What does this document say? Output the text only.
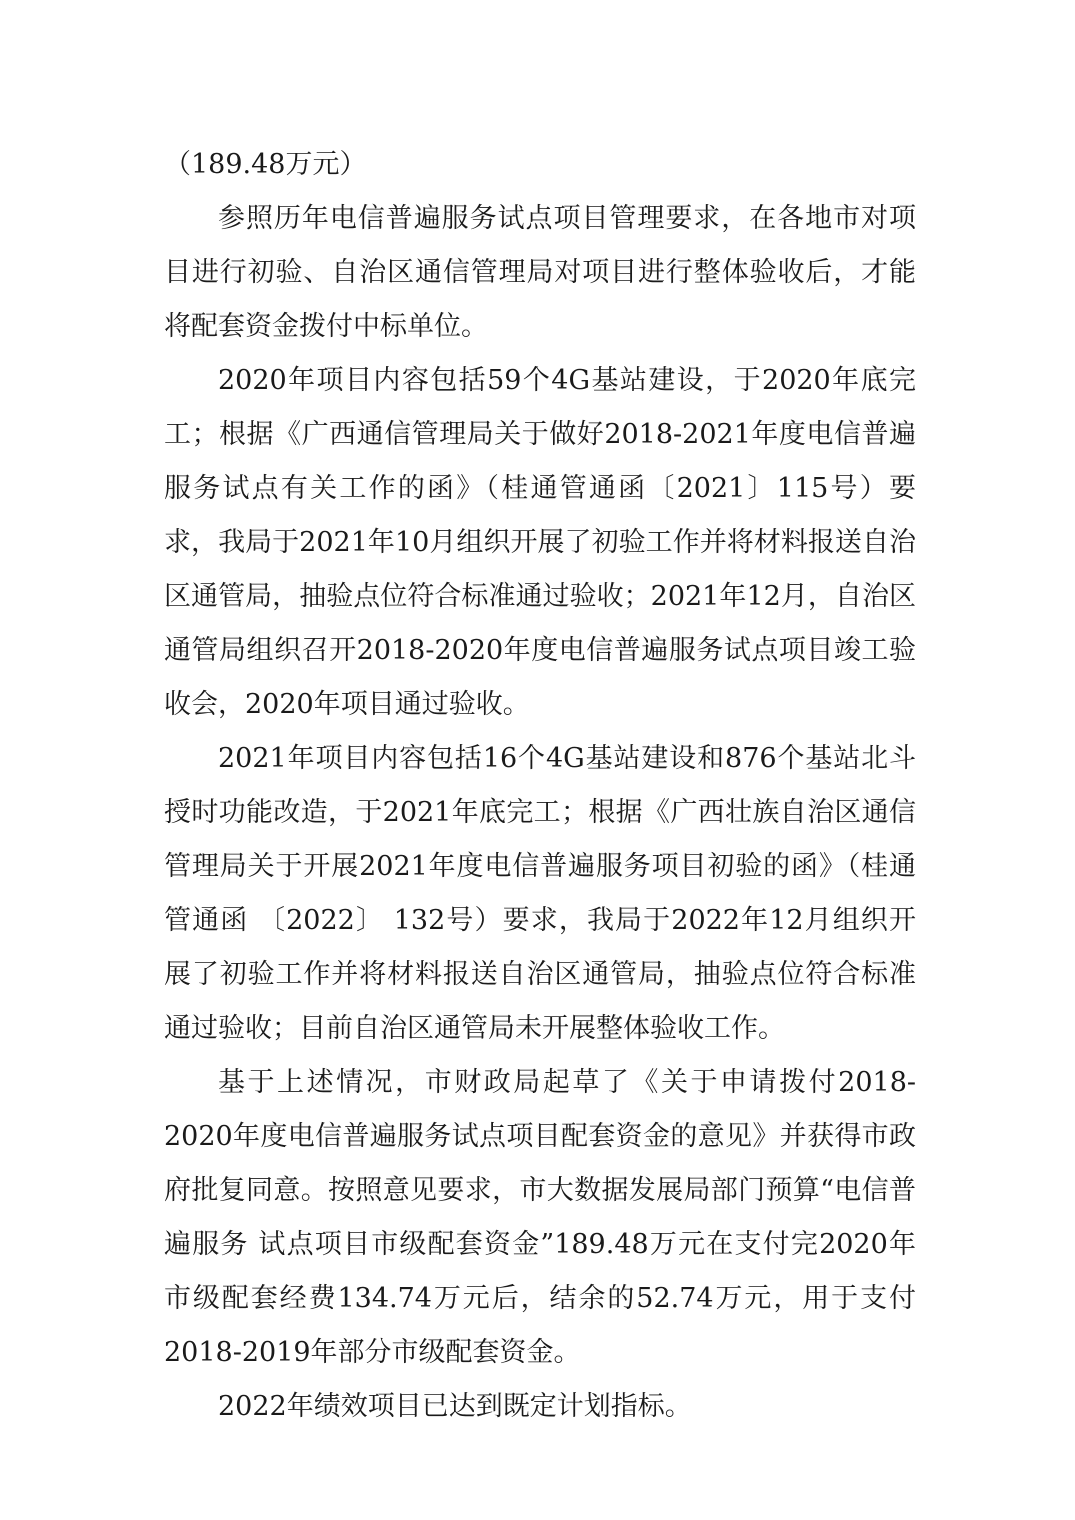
（189.48万元）

参照历年电信普遍服务试点项目管理要求，在各地市对项目进行初验、自治区通信管理局对项目进行整体验收后，才能将配套资金拨付中标单位。

2020年项目内容包括59个4G基站建设，于2020年底完工；根据《广西通信管理局关于做好2018-2021年度电信普遍服务试点有关工作的函》（桂通管通函〔2021〕115号）要求，我局于2021年10月组织开展了初验工作并将材料报送自治区通管局，抽验点位符合标准通过验收；2021年12月，自治区通管局组织召开2018-2020年度电信普遍服务试点项目竣工验收会，2020年项目通过验收。

2021年项目内容包括16个4G基站建设和876个基站北斗授时功能改造，于2021年底完工；根据《广西壮族自治区通信管理局关于开展2021年度电信普遍服务项目初验的函》（桂通管通函 〔2022〕 132号）要求，我局于2022年12月组织开展了初验工作并将材料报送自治区通管局，抽验点位符合标准通过验收；目前自治区通管局未开展整体验收工作。

基于上述情况，市财政局起草了《关于申请拨付2018-2020年度电信普遍服务试点项目配套资金的意见》并获得市政府批复同意。按照意见要求，市大数据发展局部门预算“电信普遍服务 试点项目市级配套资金”189.48万元在支付完2020年市级配套经费134.74万元后，结余的52.74万元，用于支付 2018-2019年部分市级配套资金。

2022年绩效项目已达到既定计划指标。
